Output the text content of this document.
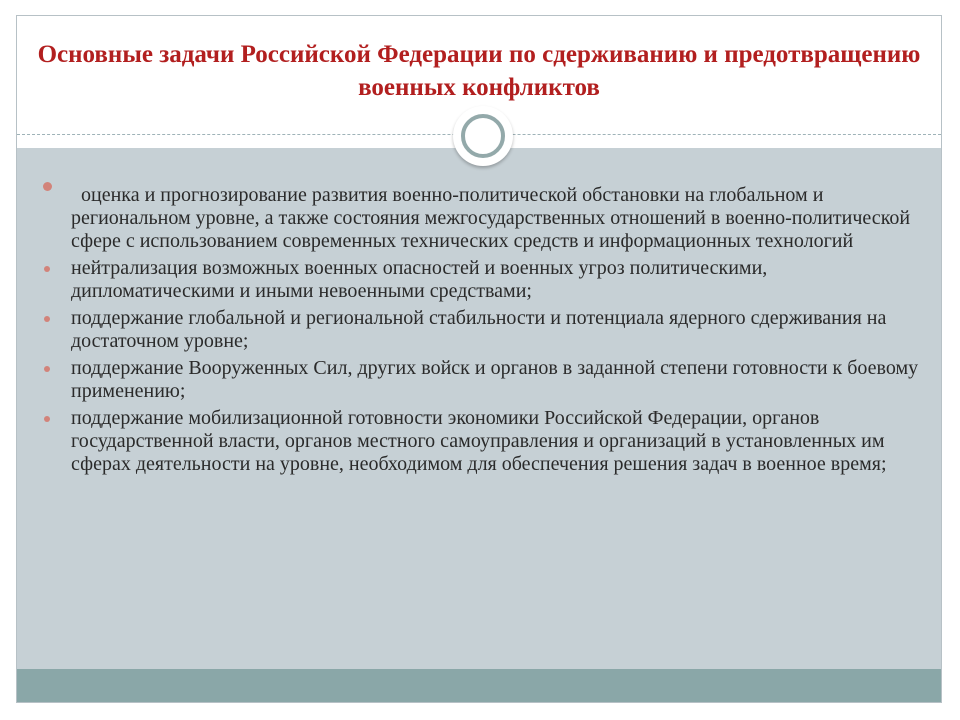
Основные задачи Российской Федерации по сдерживанию и предотвращению военных конфликтов
оценка и прогнозирование развития военно-политической обстановки на глобальном и региональном уровне, а также состояния межгосударственных отношений в военно-политической сфере с использованием современных технических средств и информационных технологий
нейтрализация возможных военных опасностей и военных угроз политическими, дипломатическими и иными невоенными средствами;
поддержание глобальной и региональной стабильности и потенциала ядерного сдерживания на достаточном уровне;
поддержание Вооруженных Сил, других войск и органов в заданной степени готовности к боевому применению;
поддержание мобилизационной готовности экономики Российской Федерации, органов государственной власти, органов местного самоуправления и организаций в установленных им сферах деятельности на уровне, необходимом для обеспечения решения задач в военное время;
